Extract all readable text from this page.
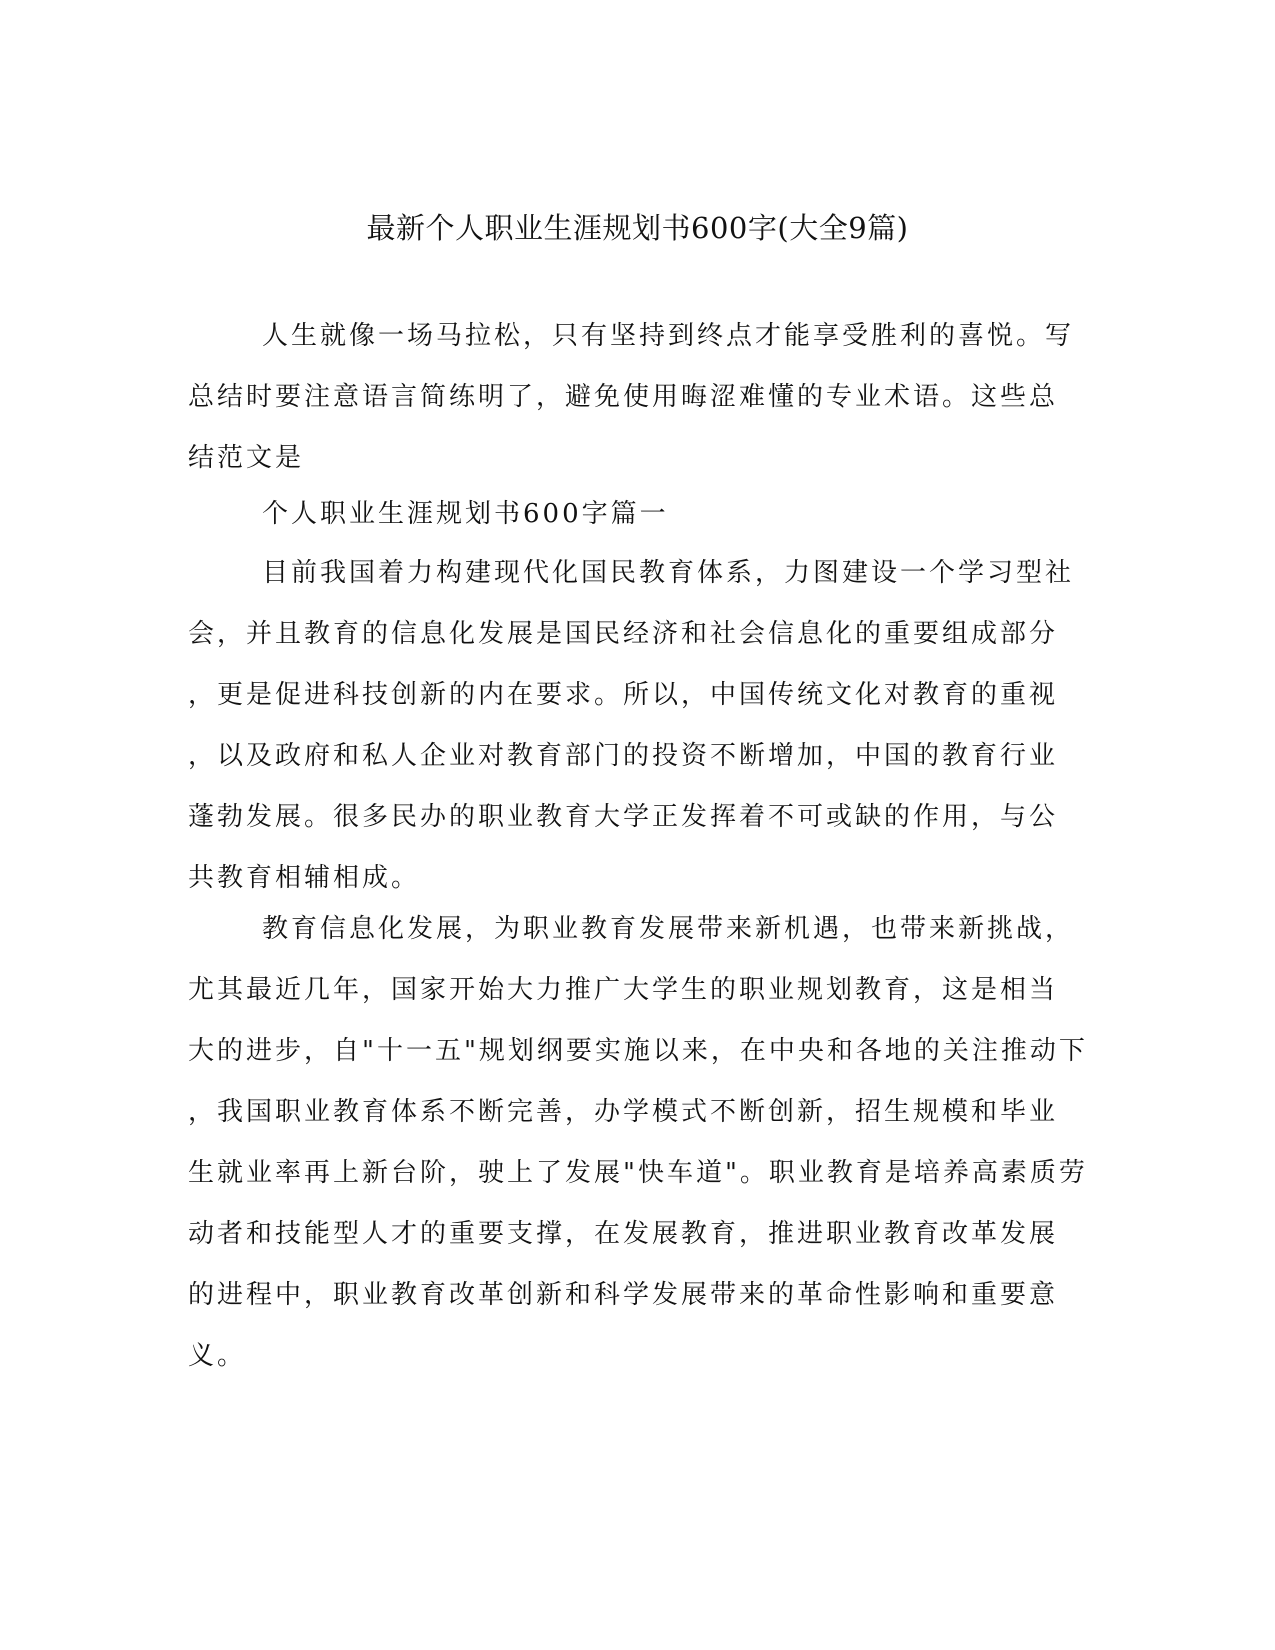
最新个人职业生涯规划书600字(大全9篇)

人生就像一场马拉松，只有坚持到终点才能享受胜利的喜悦。写
总结时要注意语言简练明了，避免使用晦涩难懂的专业术语。这些总
结范文是

个人职业生涯规划书600字篇一

目前我国着力构建现代化国民教育体系，力图建设一个学习型社
会，并且教育的信息化发展是国民经济和社会信息化的重要组成部分
，更是促进科技创新的内在要求。所以，中国传统文化对教育的重视
，以及政府和私人企业对教育部门的投资不断增加，中国的教育行业
蓬勃发展。很多民办的职业教育大学正发挥着不可或缺的作用，与公
共教育相辅相成。

教育信息化发展，为职业教育发展带来新机遇，也带来新挑战，
尤其最近几年，国家开始大力推广大学生的职业规划教育，这是相当
大的进步，自"十一五"规划纲要实施以来，在中央和各地的关注推动下
，我国职业教育体系不断完善，办学模式不断创新，招生规模和毕业
生就业率再上新台阶，驶上了发展"快车道"。职业教育是培养高素质劳
动者和技能型人才的重要支撑，在发展教育，推进职业教育改革发展
的进程中，职业教育改革创新和科学发展带来的革命性影响和重要意
义。
